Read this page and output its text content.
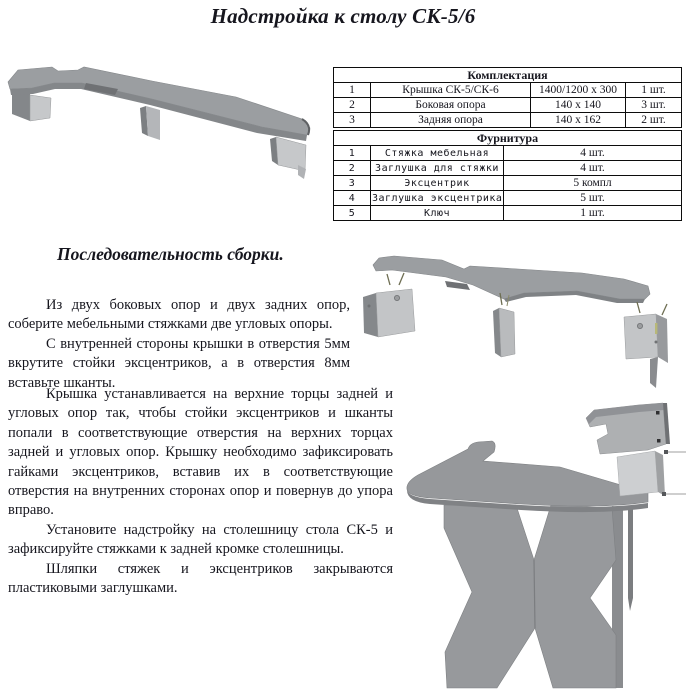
Надстройка к столу СК-5/6
Комплектация			
1	Крышка СК-5/СК-6	1400/1200 x 300	1 шт.
2	Боковая опора	140 x 140	3 шт.
3	Задняя опора	140 x 162	2 шт.
Фурнитура		
1	Стяжка мебельная	4 шт.
2	Заглушка для стяжки	4 шт.
3	Эксцентрик	5 компл
4	Заглушка эксцентрика	5 шт.
5	Ключ	1 шт.
Последовательность сборки.

Из двух боковых опор и двух задних опор, соберите мебельными стяжками две угловых опоры.

С внутренней стороны крышки в отверстия 5мм вкрутите стойки эксцентриков, а в отверстия 8мм вставьте шканты.

Крышка устанавливается на верхние торцы задней и угловых опор так, чтобы стойки эксцентриков и шканты попали в соответствующие отверстия на верхних торцах задней и угловых опор. Крышку необходимо зафиксировать гайками эксцентриков, вставив их в соответствующие отверстия на внутренних сторонах опор и повернув до упора вправо.

Установите надстройку на столешницу стола СК-5 и зафиксируйте стяжками к задней кромке столешницы.

Шляпки стяжек и эксцентриков закрываются пластиковыми заглушками.
